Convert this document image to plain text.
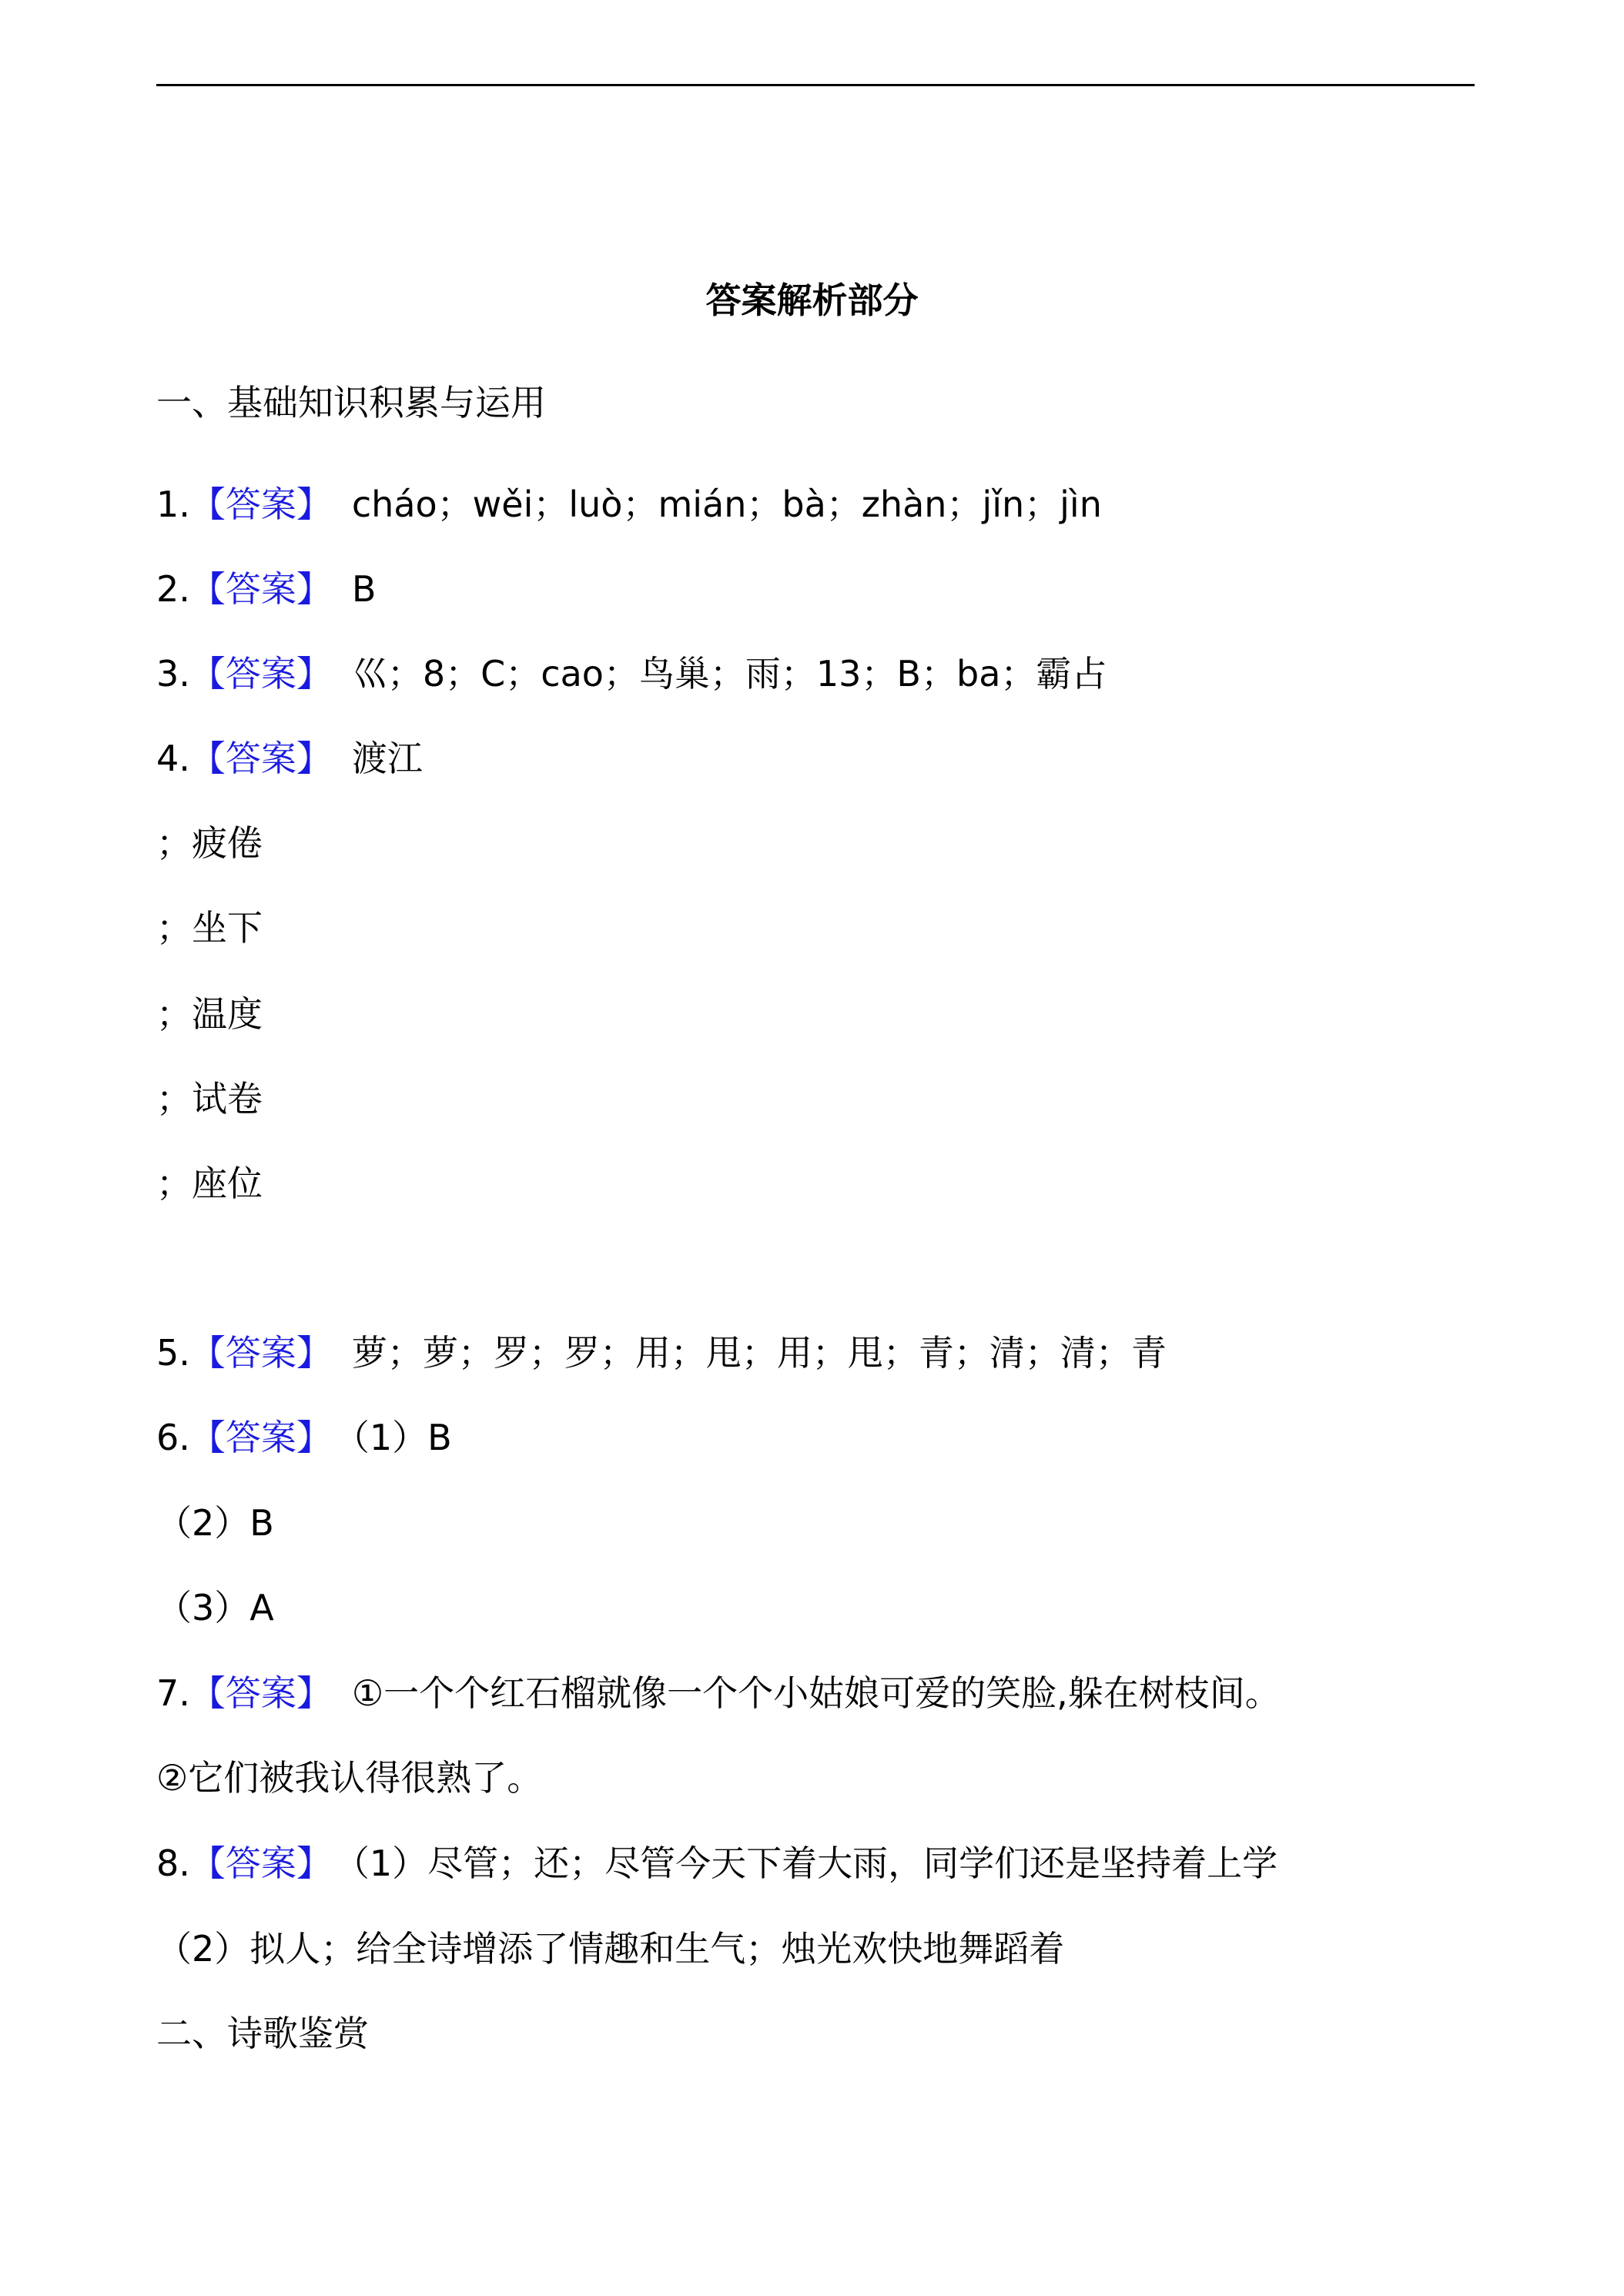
答案解析部分
一、基础知识积累与运用
1.【答案】 cháo；wěi；luò；mián；bà；zhàn；jǐn；jìn
2.【答案】 B
3.【答案】 巛；8；C；cao；鸟巢；雨；13；B；ba；霸占
4.【答案】 渡江
；疲倦
；坐下
；温度
；试卷
；座位
5.【答案】 萝；萝；罗；罗；用；甩；用；甩；青；清；清；青
6.【答案】 （1）B
（2）B
（3）A
7.【答案】 ①一个个红石榴就像一个个小姑娘可爱的笑脸,躲在树枝间。
②它们被我认得很熟了。
8.【答案】 （1）尽管；还；尽管今天下着大雨，同学们还是坚持着上学
（2）拟人；给全诗增添了情趣和生气；烛光欢快地舞蹈着
二、诗歌鉴赏
